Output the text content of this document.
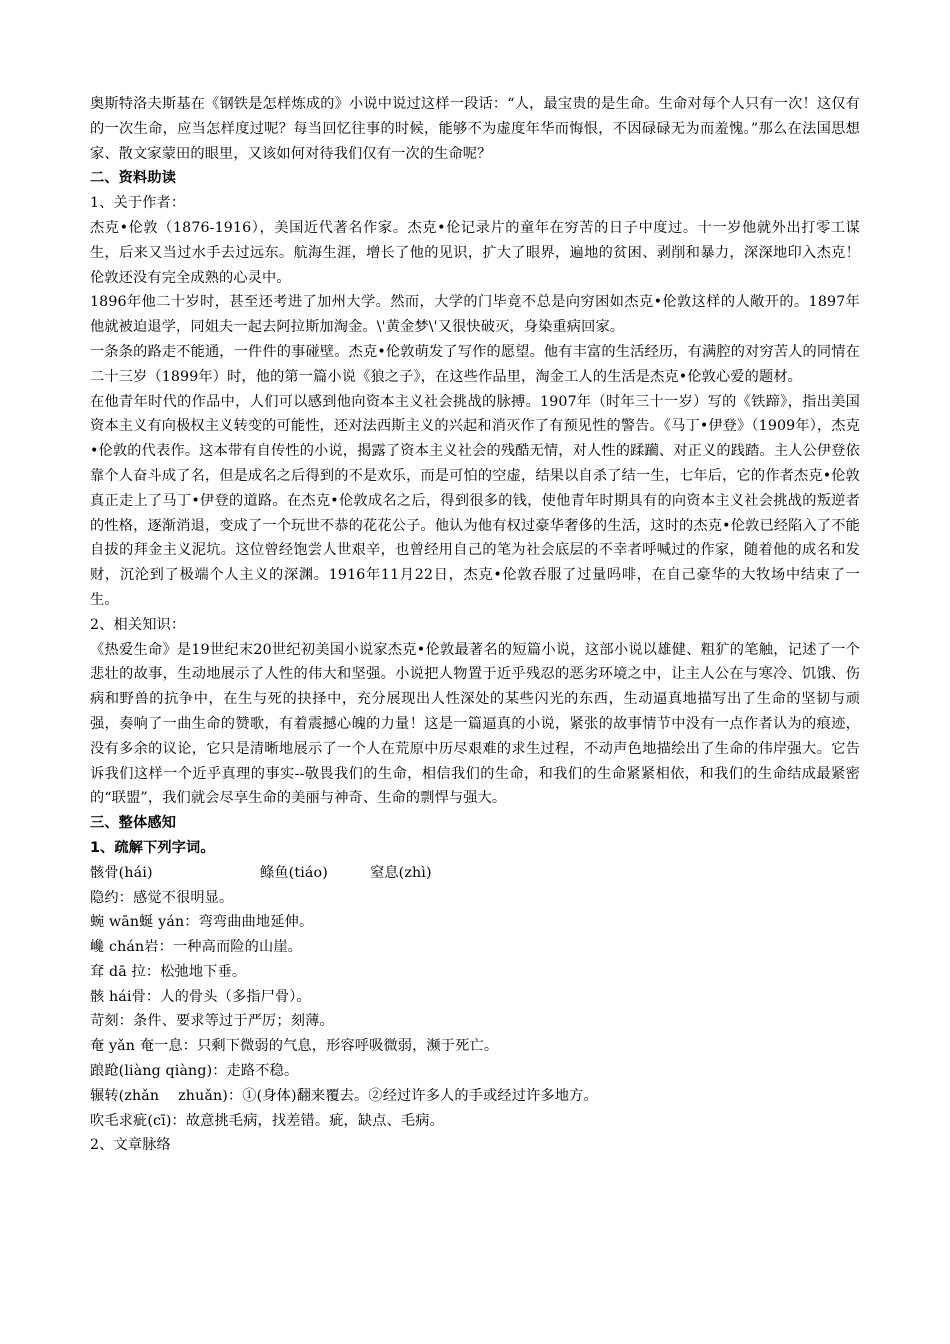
奥斯特洛夫斯基在《钢铁是怎样炼成的》小说中说过这样一段话：“人，最宝贵的是生命。生命对每个人只有一次！这仅有的一次生命，应当怎样度过呢？每当回忆往事的时候，能够不为虚度年华而悔恨，不因碌碌无为而羞愧。”那么在法国思想家、散文家蒙田的眼里，又该如何对待我们仅有一次的生命呢？

二、资料助读

1、关于作者：

杰克•伦敦（1876-1916），美国近代著名作家。杰克•伦记录片的童年在穷苦的日子中度过。十一岁他就外出打零工谋生，后来又当过水手去过远东。航海生涯，增长了他的见识，扩大了眼界，遍地的贫困、剥削和暴力，深深地印入杰克！伦敦还没有完全成熟的心灵中。

1896年他二十岁时，甚至还考进了加州大学。然而，大学的门毕竟不总是向穷困如杰克•伦敦这样的人敞开的。1897年他就被迫退学，同姐夫一起去阿拉斯加淘金。\'黄金梦\'又很快破灭，身染重病回家。

一条条的路走不能通，一件件的事碰壁。杰克•伦敦萌发了写作的愿望。他有丰富的生活经历，有满腔的对穷苦人的同情在二十三岁（1899年）时，他的第一篇小说《狼之子》，在这些作品里，淘金工人的生活是杰克•伦敦心爱的题材。

在他青年时代的作品中，人们可以感到他向资本主义社会挑战的脉搏。1907年（时年三十一岁）写的《铁蹄》，指出美国资本主义有向极权主义转变的可能性，还对法西斯主义的兴起和消灭作了有预见性的警告。《马丁•伊登》（1909年），杰克•伦敦的代表作。这本带有自传性的小说，揭露了资本主义社会的残酷无情，对人性的蹂躏、对正义的践踏。主人公伊登依靠个人奋斗成了名，但是成名之后得到的不是欢乐，而是可怕的空虚，结果以自杀了结一生，七年后，它的作者杰克•伦敦真正走上了马丁•伊登的道路。在杰克•伦敦成名之后，得到很多的钱，使他青年时期具有的向资本主义社会挑战的叛逆者的性格，逐渐消退，变成了一个玩世不恭的花花公子。他认为他有权过豪华奢侈的生活，这时的杰克•伦敦已经陷入了不能自拔的拜金主义泥坑。这位曾经饱尝人世艰辛，也曾经用自己的笔为社会底层的不幸者呼喊过的作家，随着他的成名和发财，沉沦到了极端个人主义的深渊。1916年11月22日，杰克•伦敦吞服了过量吗啡，在自己豪华的大牧场中结束了一生。

2、相关知识：

《热爱生命》是19世纪末20世纪初美国小说家杰克•伦敦最著名的短篇小说，这部小说以雄健、粗犷的笔触，记述了一个悲壮的故事，生动地展示了人性的伟大和坚强。小说把人物置于近乎残忍的恶劣环境之中，让主人公在与寒冷、饥饿、伤病和野兽的抗争中，在生与死的抉择中，充分展现出人性深处的某些闪光的东西，生动逼真地描写出了生命的坚韧与顽强，奏响了一曲生命的赞歌，有着震撼心魄的力量！这是一篇逼真的小说，紧张的故事情节中没有一点作者认为的痕迹，没有多余的议论，它只是清晰地展示了一个人在荒原中历尽艰难的求生过程，不动声色地描绘出了生命的伟岸强大。它告诉我们这样一个近乎真理的事实--敬畏我们的生命，相信我们的生命，和我们的生命紧紧相依，和我们的生命结成最紧密的“联盟”，我们就会尽享生命的美丽与神奇、生命的剽悍与强大。

三、整体感知

1、疏解下列字词。

骸骨(hái)	鲦鱼(tiáo)	窒息(zhì)

隐约：感觉不很明显。

蜿 wān蜒 yán：弯弯曲曲地延伸。

巉 chán岩：一种高而险的山崖。

耷 dā 拉：松弛地下垂。

骸 hái骨：人的骨头（多指尸骨）。

苛刻：条件、要求等过于严厉；刻薄。

奄 yǎn 奄一息：只剩下微弱的气息，形容呼吸微弱，濒于死亡。

踉跄(liàng qiàng)：走路不稳。

辗转(zhǎn　 zhuǎn)：①(身体)翻来覆去。②经过许多人的手或经过许多地方。

吹毛求疵(cī)：故意挑毛病，找差错。疵，缺点、毛病。

2、文章脉络
